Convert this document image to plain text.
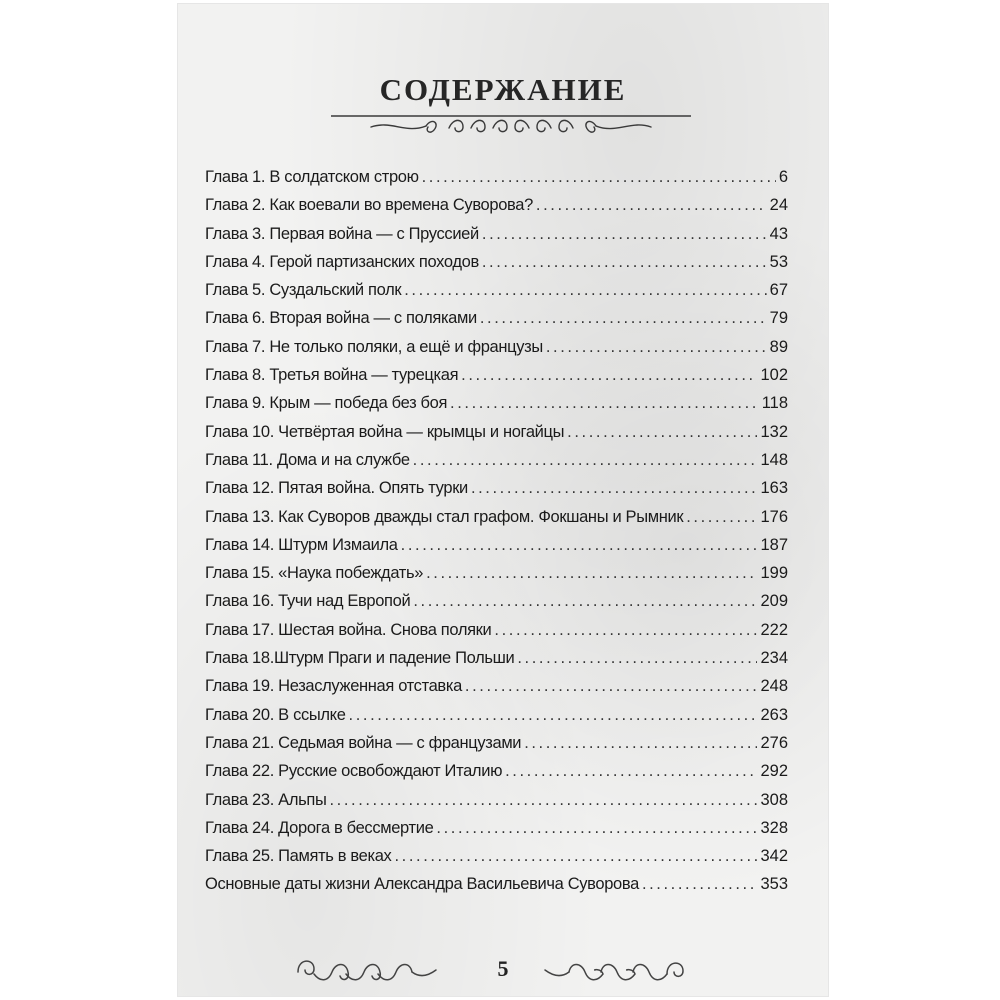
СОДЕРЖАНИЕ
Глава 1. В солдатском строю .....	6
Глава 2. Как воевали во времена Суворова? .....	24
Глава 3. Первая война — с Пруссией .....	43
Глава 4. Герой партизанских походов .....	53
Глава 5. Суздальский полк .....	67
Глава 6. Вторая война — с поляками .....	79
Глава 7. Не только поляки, а ещё и французы .....	89
Глава 8. Третья война — турецкая .....	102
Глава 9. Крым — победа без боя .....	118
Глава 10. Четвёртая война — крымцы и ногайцы .....	132
Глава 11. Дома и на службе .....	148
Глава 12. Пятая война. Опять турки .....	163
Глава 13. Как Суворов дважды стал графом. Фокшаны и Рымник .....	176
Глава 14. Штурм Измаила .....	187
Глава 15. «Наука побеждать» .....	199
Глава 16. Тучи над Европой .....	209
Глава 17. Шестая война. Снова поляки .....	222
Глава 18.Штурм Праги и падение Польши .....	234
Глава 19. Незаслуженная отставка .....	248
Глава 20. В ссылке .....	263
Глава 21. Седьмая война — с французами .....	276
Глава 22. Русские освобождают Италию .....	292
Глава 23. Альпы .....	308
Глава 24. Дорога в бессмертие .....	328
Глава 25. Память в веках .....	342
Основные даты жизни Александра Васильевича Суворова .....	353
5
